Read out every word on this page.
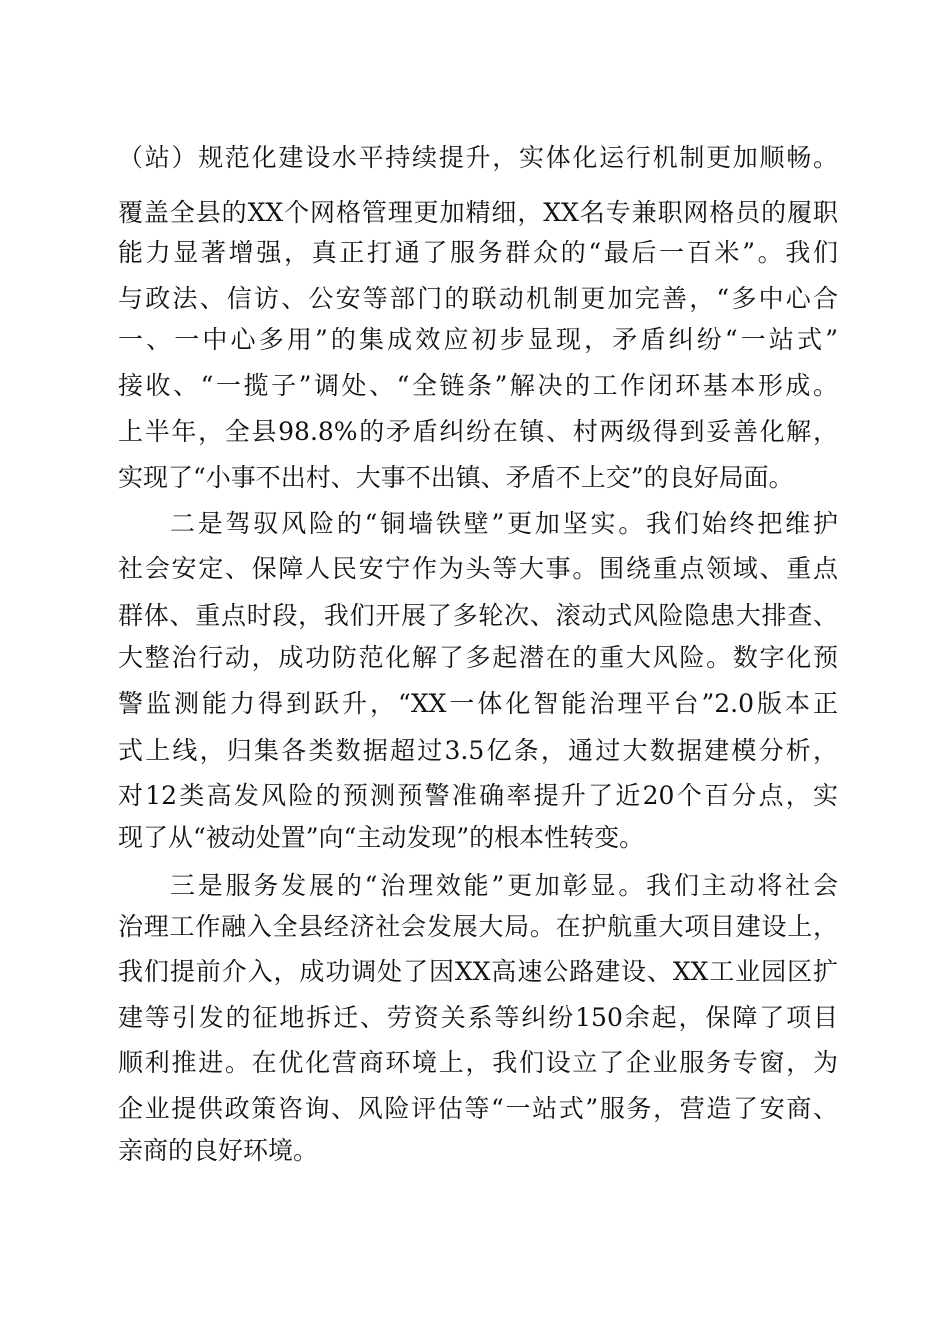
（站）规范化建设水平持续提升，实体化运行机制更加顺畅。
覆盖全县的XX个网格管理更加精细，XX名专兼职网格员的履职
能力显著增强，真正打通了服务群众的“最后一百米”。我们
与政法、信访、公安等部门的联动机制更加完善，“多中心合
一、一中心多用”的集成效应初步显现，矛盾纠纷“一站式”
接收、“一揽子”调处、“全链条”解决的工作闭环基本形成。
上半年，全县98.8%的矛盾纠纷在镇、村两级得到妥善化解，
实现了“小事不出村、大事不出镇、矛盾不上交”的良好局面。
二是驾驭风险的“铜墙铁壁”更加坚实。我们始终把维护
社会安定、保障人民安宁作为头等大事。围绕重点领域、重点
群体、重点时段，我们开展了多轮次、滚动式风险隐患大排查、
大整治行动，成功防范化解了多起潜在的重大风险。数字化预
警监测能力得到跃升，“XX一体化智能治理平台”2.0版本正
式上线，归集各类数据超过3.5亿条，通过大数据建模分析，
对12类高发风险的预测预警准确率提升了近20个百分点，实
现了从“被动处置”向“主动发现”的根本性转变。
三是服务发展的“治理效能”更加彰显。我们主动将社会
治理工作融入全县经济社会发展大局。在护航重大项目建设上，
我们提前介入，成功调处了因XX高速公路建设、XX工业园区扩
建等引发的征地拆迁、劳资关系等纠纷150余起，保障了项目
顺利推进。在优化营商环境上，我们设立了企业服务专窗，为
企业提供政策咨询、风险评估等“一站式”服务，营造了安商、
亲商的良好环境。
